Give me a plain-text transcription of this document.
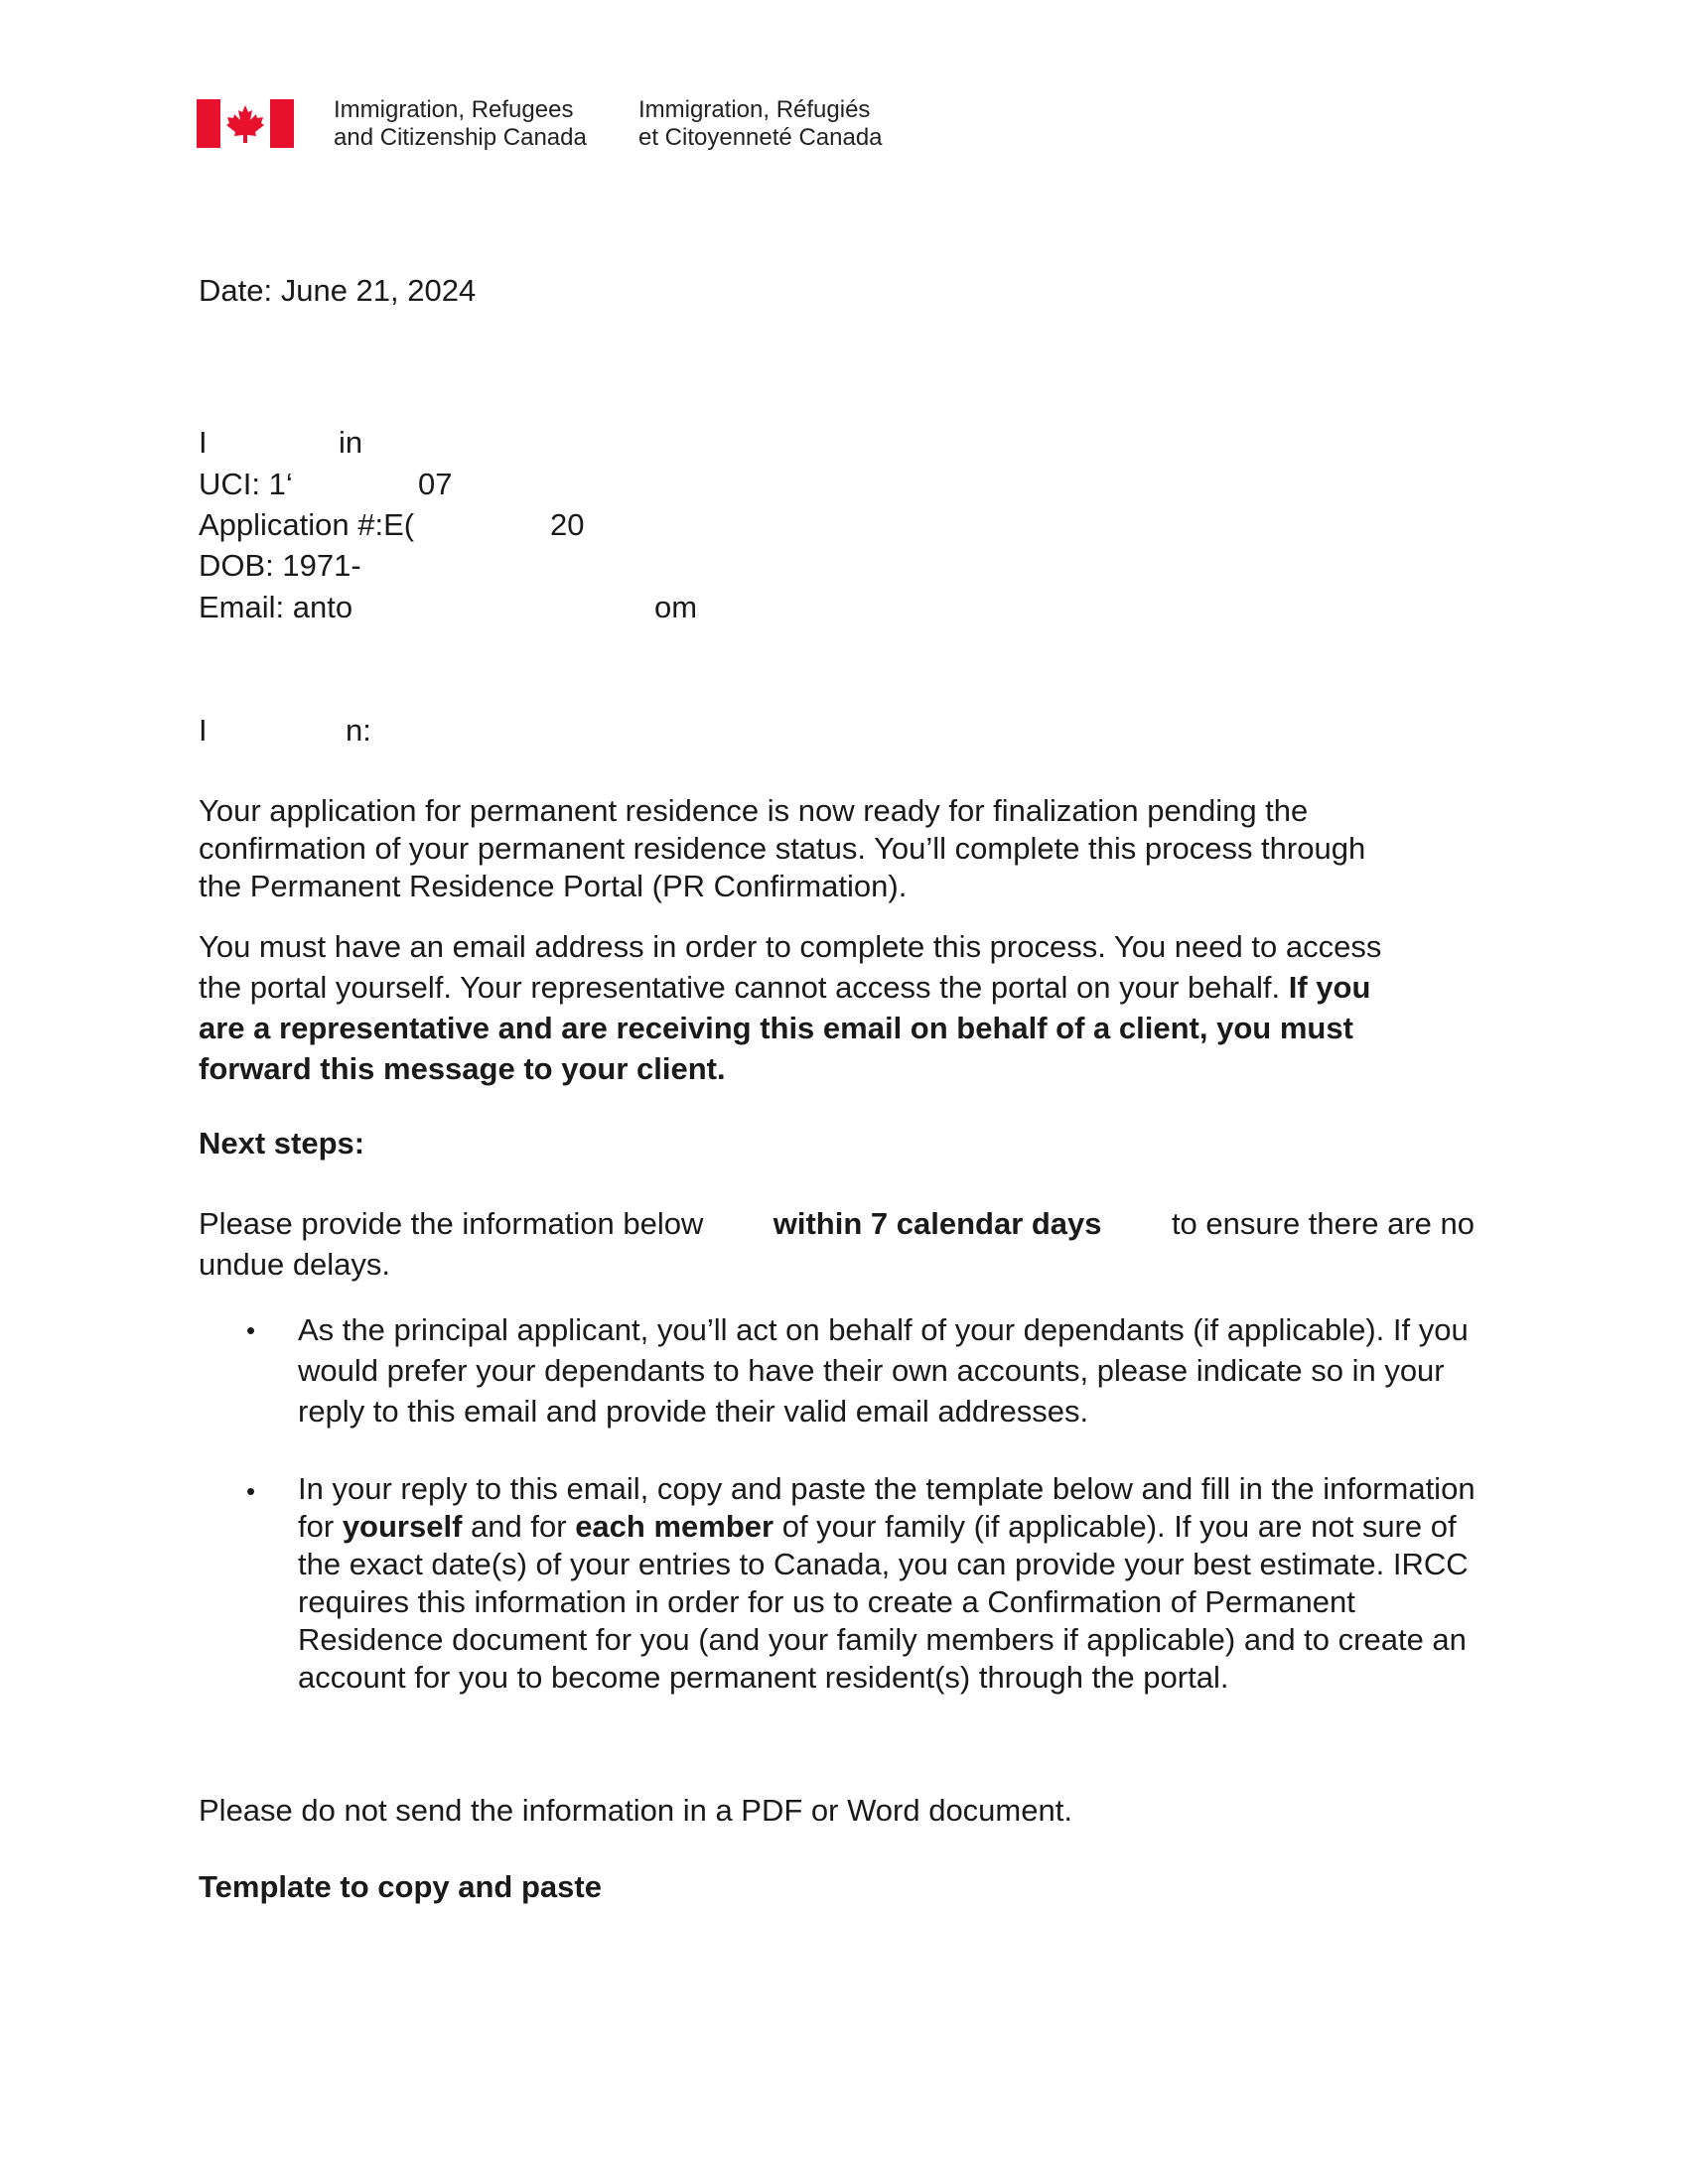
Immigration, Refugees
and Citizenship Canada
Immigration, Réfugiés
et Citoyenneté Canada
Date: June 21, 2024
I	in
UCI: 1‘	07
Application #:E(	20
DOB: 1971-
Email: anto	om
I	n:
Your application for permanent residence is now ready for finalization pending the
confirmation of your permanent residence status. You’ll complete this process through
the Permanent Residence Portal (PR Confirmation).
You must have an email address in order to complete this process. You need to access
the portal yourself. Your representative cannot access the portal on your behalf. If you
are a representative and are receiving this email on behalf of a client, you must
forward this message to your client.
Next steps:
Please provide the information below within 7 calendar days to ensure there are no
undue delays.
• As the principal applicant, you’ll act on behalf of your dependants (if applicable). If you would prefer your dependants to have their own accounts, please indicate so in your reply to this email and provide their valid email addresses.
• In your reply to this email, copy and paste the template below and fill in the information for yourself and for each member of your family (if applicable). If you are not sure of the exact date(s) of your entries to Canada, you can provide your best estimate. IRCC requires this information in order for us to create a Confirmation of Permanent Residence document for you (and your family members if applicable) and to create an account for you to become permanent resident(s) through the portal.
Please do not send the information in a PDF or Word document.
Template to copy and paste
